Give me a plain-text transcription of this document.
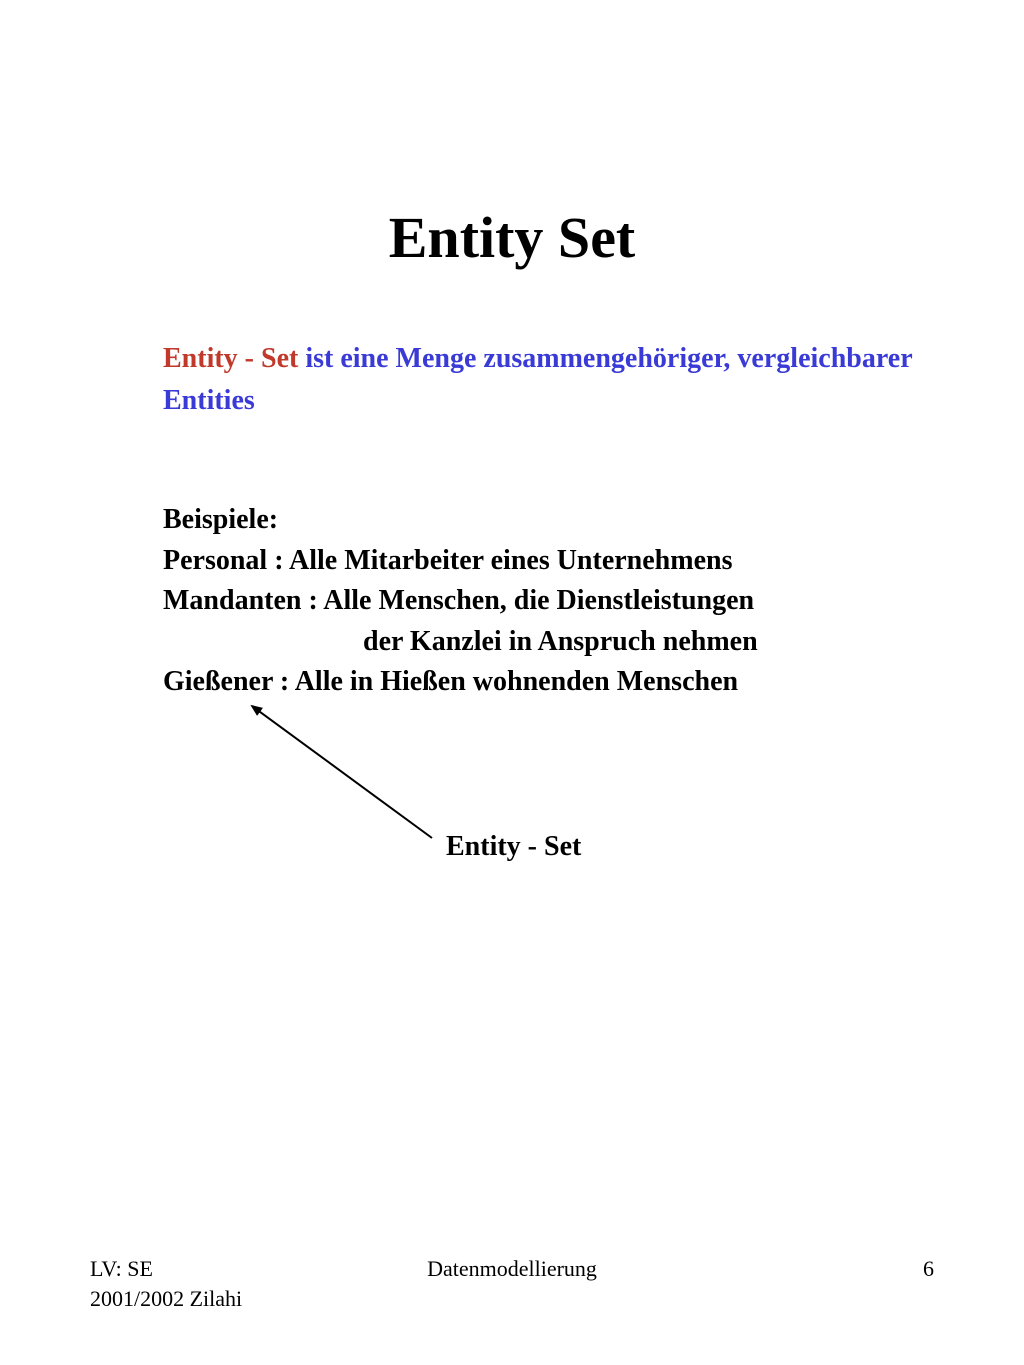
Entity Set
Entity - Set ist eine Menge zusammengehöriger, vergleichbarer Entities
Beispiele:
Personal : Alle Mitarbeiter eines Unternehmens
Mandanten : Alle Menschen, die Dienstleistungen
der Kanzlei in Anspruch nehmen
Gießener : Alle in Hießen wohnenden Menschen
Entity - Set
LV: SE
2001/2002 Zilahi
Datenmodellierung	6
